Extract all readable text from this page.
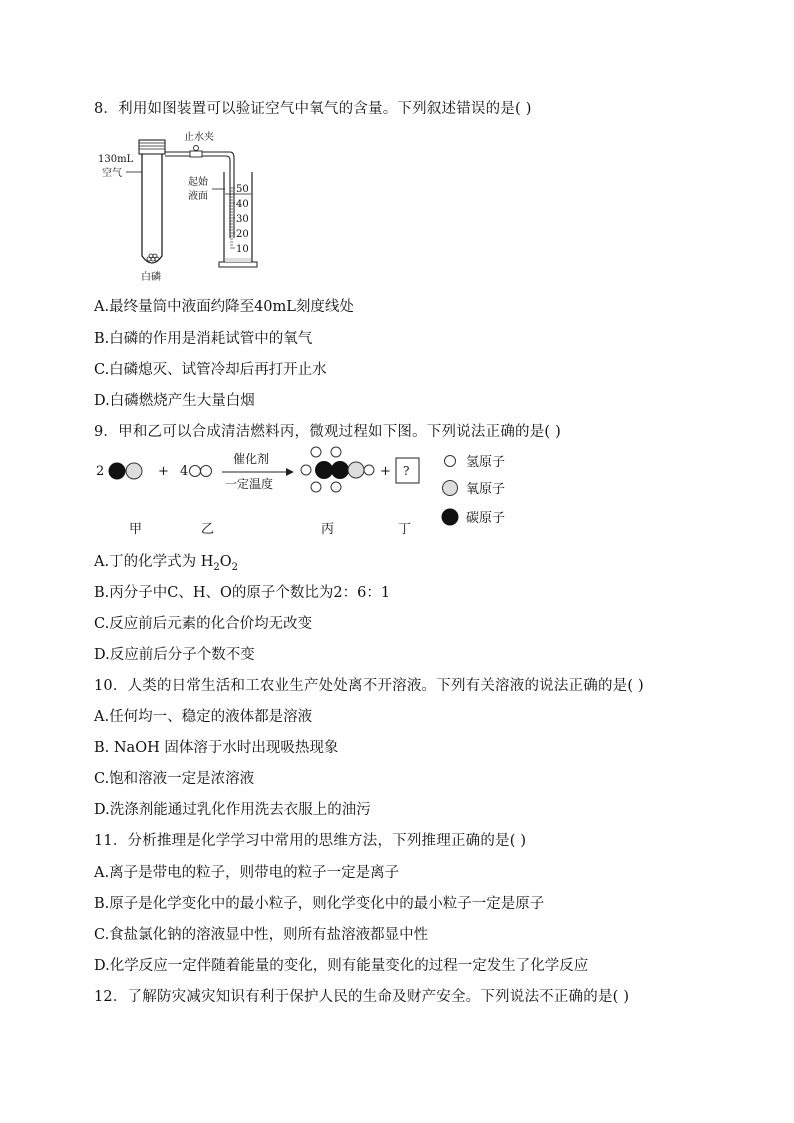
8．利用如图装置可以验证空气中氧气的含量。下列叙述错误的是( )
止水夹
130mL
空气
50
40
30
20
10
起始
液面
白磷
A.最终量筒中液面约降至40mL刻度线处
B.白磷的作用是消耗试管中的氧气
C.白磷熄灭、试管冷却后再打开止水
D.白磷燃烧产生大量白烟
9．甲和乙可以合成清洁燃料丙，微观过程如下图。下列说法正确的是( )
2	+ 4
催化剂
一定温度
+ ?
氢原子
氧原子
碳原子
甲	乙	丙	丁
A.丁的化学式为 $H_2O_2$
B.丙分子中C、H、O的原子个数比为2：6：1
C.反应前后元素的化合价均无改变
D.反应前后分子个数不变
10．人类的日常生活和工农业生产处处离不开溶液。下列有关溶液的说法正确的是( )
A.任何均一、稳定的液体都是溶液
B. NaOH 固体溶于水时出现吸热现象
C.饱和溶液一定是浓溶液
D.洗涤剂能通过乳化作用洗去衣服上的油污
11．分析推理是化学学习中常用的思维方法，下列推理正确的是( )
A.离子是带电的粒子，则带电的粒子一定是离子
B.原子是化学变化中的最小粒子，则化学变化中的最小粒子一定是原子
C.食盐氯化钠的溶液显中性，则所有盐溶液都显中性
D.化学反应一定伴随着能量的变化，则有能量变化的过程一定发生了化学反应
12．了解防灾减灾知识有利于保护人民的生命及财产安全。下列说法不正确的是( )
